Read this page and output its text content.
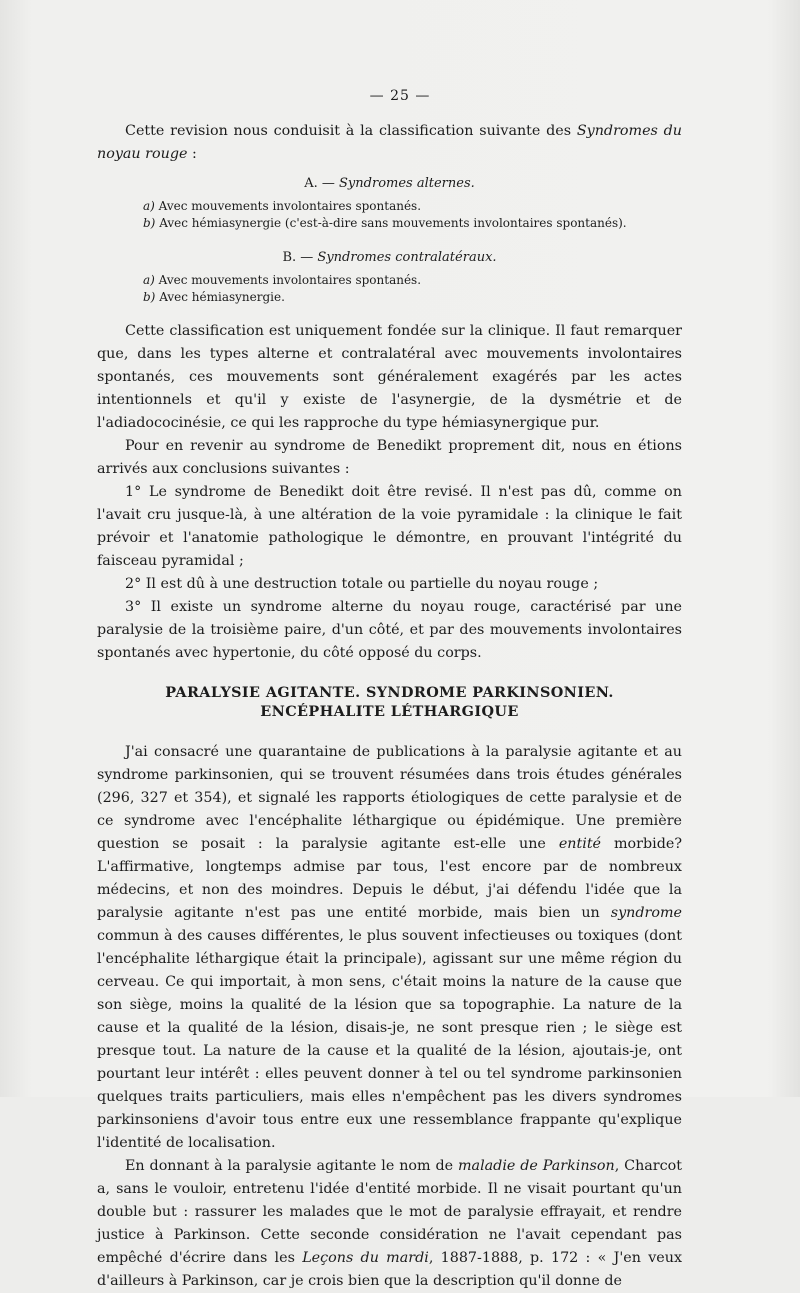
— 25 —

Cette revision nous conduisit à la classification suivante des Syndromes du noyau rouge :

A. — Syndromes alternes.
a) Avec mouvements involontaires spontanés.
b) Avec hémiasynergie (c'est-à-dire sans mouvements involontaires spontanés).
B. — Syndromes contralatéraux.
a) Avec mouvements involontaires spontanés.
b) Avec hémiasynergie.

Cette classification est uniquement fondée sur la clinique. Il faut remarquer que, dans les types alterne et contralatéral avec mouvements involontaires spontanés, ces mouvements sont généralement exagérés par les actes intentionnels et qu'il y existe de l'asynergie, de la dysmétrie et de l'adiadococinésie, ce qui les rapproche du type hémiasynergique pur.

Pour en revenir au syndrome de Benedikt proprement dit, nous en étions arrivés aux conclusions suivantes :

1° Le syndrome de Benedikt doit être revisé. Il n'est pas dû, comme on l'avait cru jusque-là, à une altération de la voie pyramidale : la clinique le fait prévoir et l'anatomie pathologique le démontre, en prouvant l'intégrité du faisceau pyramidal ;

2° Il est dû à une destruction totale ou partielle du noyau rouge ;

3° Il existe un syndrome alterne du noyau rouge, caractérisé par une paralysie de la troisième paire, d'un côté, et par des mouvements involontaires spontanés avec hypertonie, du côté opposé du corps.

PARALYSIE AGITANTE. SYNDROME PARKINSONIEN.
ENCÉPHALITE LÉTHARGIQUE

J'ai consacré une quarantaine de publications à la paralysie agitante et au syndrome parkinsonien, qui se trouvent résumées dans trois études générales (296, 327 et 354), et signalé les rapports étiologiques de cette paralysie et de ce syndrome avec l'encéphalite léthargique ou épidémique. Une première question se posait : la paralysie agitante est-elle une entité morbide? L'affirmative, longtemps admise par tous, l'est encore par de nombreux médecins, et non des moindres. Depuis le début, j'ai défendu l'idée que la paralysie agitante n'est pas une entité morbide, mais bien un syndrome commun à des causes différentes, le plus souvent infectieuses ou toxiques (dont l'encéphalite léthargique était la principale), agissant sur une même région du cerveau. Ce qui importait, à mon sens, c'était moins la nature de la cause que son siège, moins la qualité de la lésion que sa topographie. La nature de la cause et la qualité de la lésion, disais-je, ne sont presque rien ; le siège est presque tout. La nature de la cause et la qualité de la lésion, ajoutais-je, ont pourtant leur intérêt : elles peuvent donner à tel ou tel syndrome parkinsonien quelques traits particuliers, mais elles n'empêchent pas les divers syndromes parkinsoniens d'avoir tous entre eux une ressemblance frappante qu'explique l'identité de localisation.

En donnant à la paralysie agitante le nom de maladie de Parkinson, Charcot a, sans le vouloir, entretenu l'idée d'entité morbide. Il ne visait pourtant qu'un double but : rassurer les malades que le mot de paralysie effrayait, et rendre justice à Parkinson. Cette seconde considération ne l'avait cependant pas empêché d'écrire dans les Leçons du mardi, 1887-1888, p. 172 : « J'en veux d'ailleurs à Parkinson, car je crois bien que la description qu'il donne de
